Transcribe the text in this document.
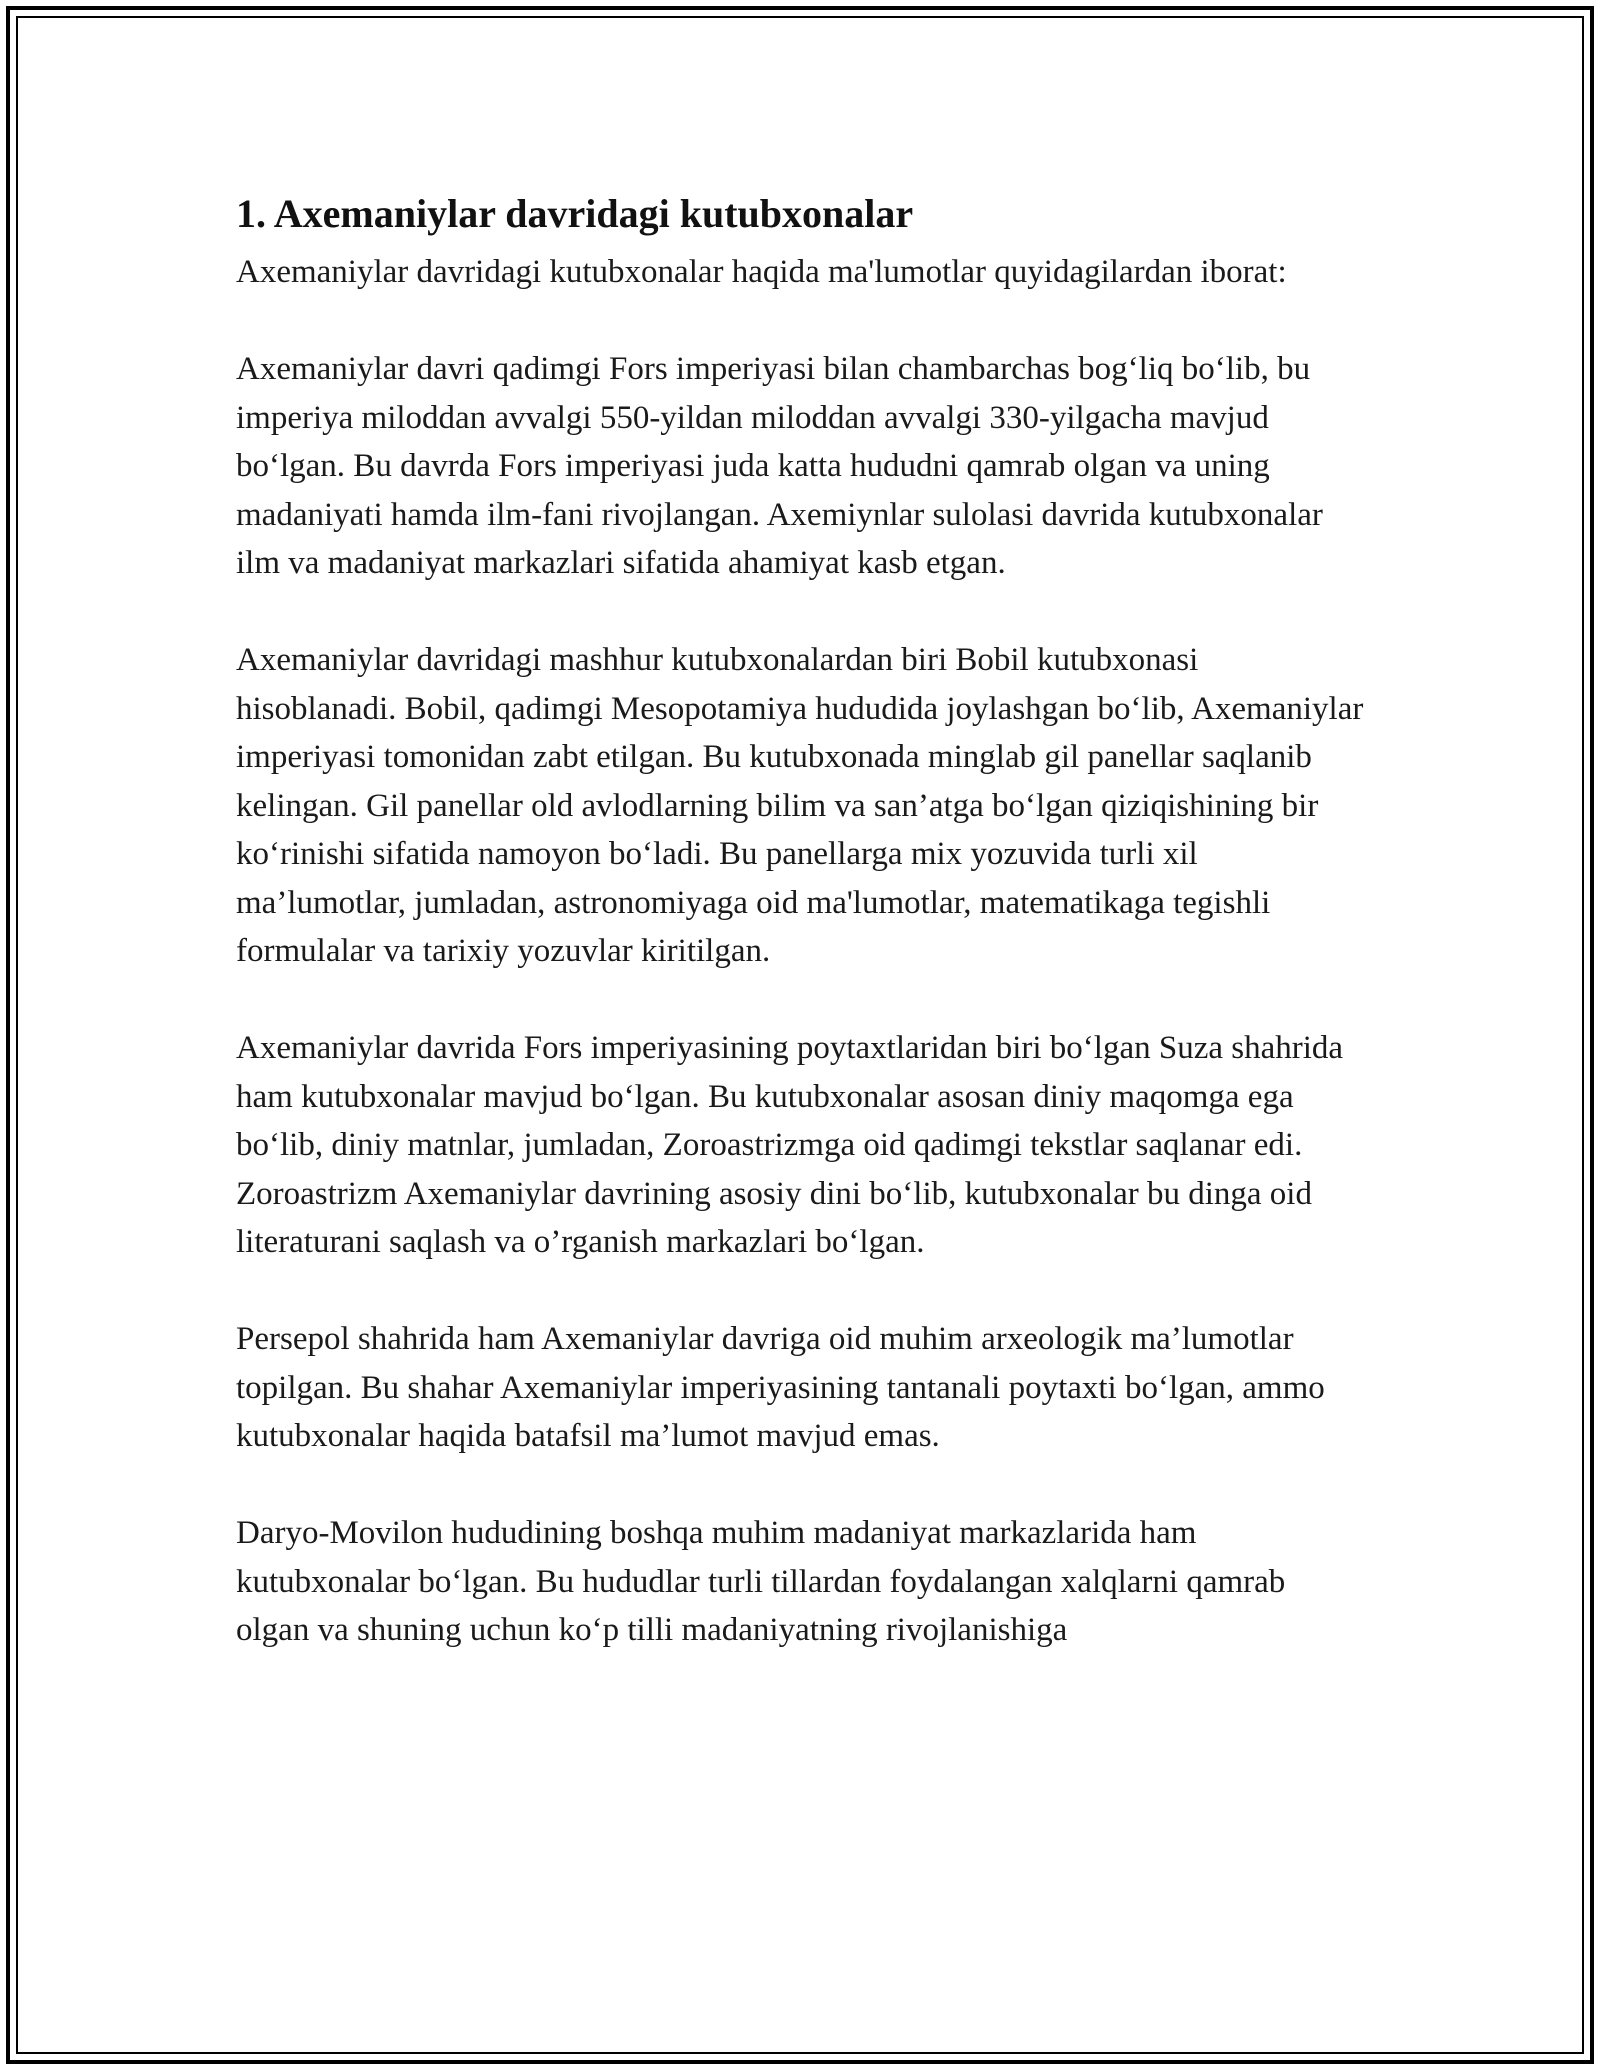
1. Axemaniylar davridagi kutubxonalar

Axemaniylar davridagi kutubxonalar haqida ma'lumotlar quyidagilardan iborat:

Axemaniylar davri qadimgi Fors imperiyasi bilan chambarchas bog‘liq bo‘lib, bu imperiya miloddan avvalgi 550-yildan miloddan avvalgi 330-yilgacha mavjud bo‘lgan. Bu davrda Fors imperiyasi juda katta hududni qamrab olgan va uning madaniyati hamda ilm-fani rivojlangan. Axemiynlar sulolasi davrida kutubxonalar ilm va madaniyat markazlari sifatida ahamiyat kasb etgan.

Axemaniylar davridagi mashhur kutubxonalardan biri Bobil kutubxonasi hisoblanadi. Bobil, qadimgi Mesopotamiya hududida joylashgan bo‘lib, Axemaniylar imperiyasi tomonidan zabt etilgan. Bu kutubxonada minglab gil panellar saqlanib kelingan. Gil panellar old avlodlarning bilim va san’atga bo‘lgan qiziqishining bir ko‘rinishi sifatida namoyon bo‘ladi. Bu panellarga mix yozuvida turli xil ma’lumotlar, jumladan, astronomiyaga oid ma'lumotlar, matematikaga tegishli formulalar va tarixiy yozuvlar kiritilgan.

Axemaniylar davrida Fors imperiyasining poytaxtlaridan biri bo‘lgan Suza shahrida ham kutubxonalar mavjud bo‘lgan. Bu kutubxonalar asosan diniy maqomga ega bo‘lib, diniy matnlar, jumladan, Zoroastrizmga oid qadimgi tekstlar saqlanar edi. Zoroastrizm Axemaniylar davrining asosiy dini bo‘lib, kutubxonalar bu dinga oid literaturani saqlash va o’rganish markazlari bo‘lgan.

Persepol shahrida ham Axemaniylar davriga oid muhim arxeologik ma’lumotlar topilgan. Bu shahar Axemaniylar imperiyasining tantanali poytaxti bo‘lgan, ammo kutubxonalar haqida batafsil ma’lumot mavjud emas.

Daryo-Movilon hududining boshqa muhim madaniyat markazlarida ham kutubxonalar bo‘lgan. Bu hududlar turli tillardan foydalangan xalqlarni qamrab olgan va shuning uchun ko‘p tilli madaniyatning rivojlanishiga
